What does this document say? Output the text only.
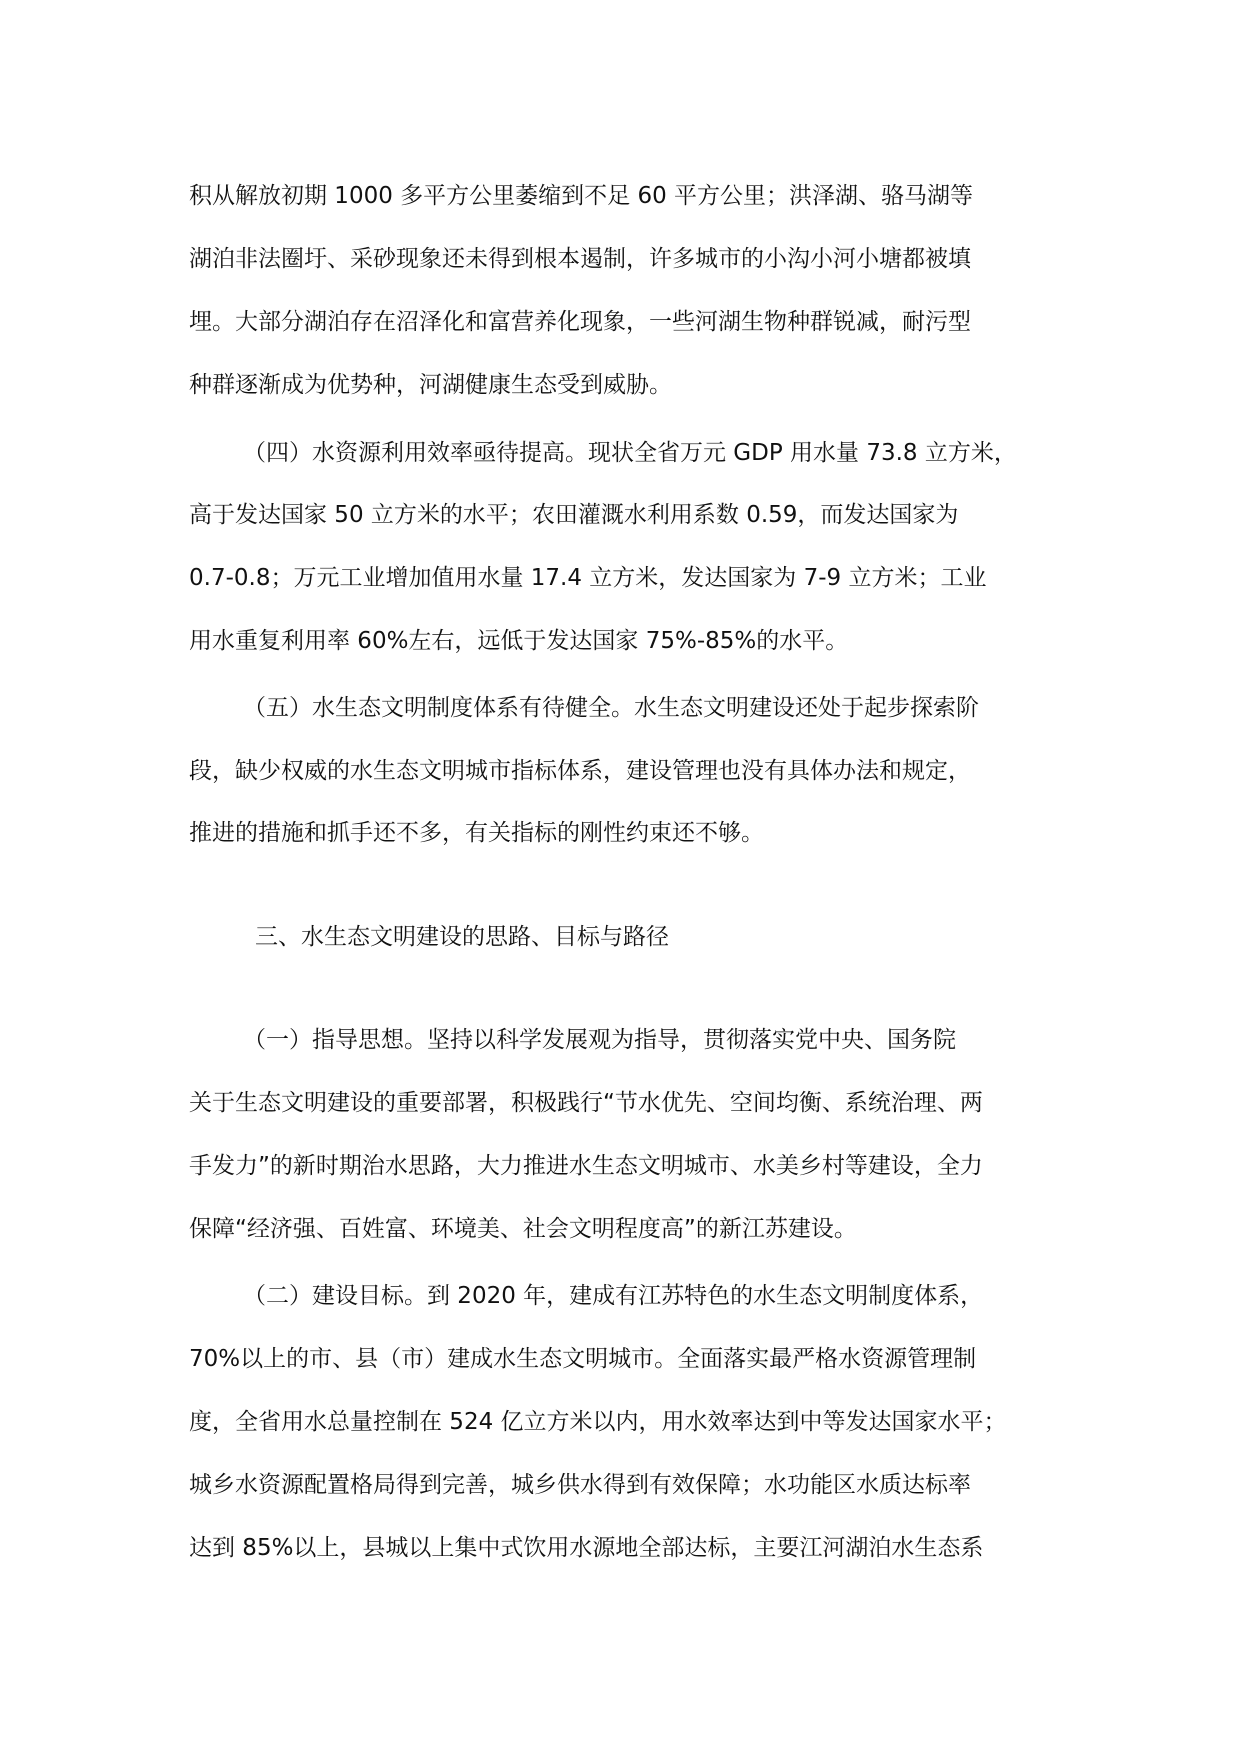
积从解放初期 1000 多平方公里萎缩到不足 60 平方公里；洪泽湖、骆马湖等
湖泊非法圈圩、采砂现象还未得到根本遏制，许多城市的小沟小河小塘都被填
埋。大部分湖泊存在沼泽化和富营养化现象，一些河湖生物种群锐减，耐污型
种群逐渐成为优势种，河湖健康生态受到威胁。
（四）水资源利用效率亟待提高。现状全省万元 GDP 用水量 73.8 立方米，
高于发达国家 50 立方米的水平；农田灌溉水利用系数 0.59，而发达国家为
0.7-0.8；万元工业增加值用水量 17.4 立方米，发达国家为 7-9 立方米；工业
用水重复利用率 60%左右，远低于发达国家 75%-85%的水平。
（五）水生态文明制度体系有待健全。水生态文明建设还处于起步探索阶
段，缺少权威的水生态文明城市指标体系，建设管理也没有具体办法和规定，
推进的措施和抓手还不多，有关指标的刚性约束还不够。
三、水生态文明建设的思路、目标与路径
（一）指导思想。坚持以科学发展观为指导，贯彻落实党中央、国务院
关于生态文明建设的重要部署，积极践行“节水优先、空间均衡、系统治理、两
手发力”的新时期治水思路，大力推进水生态文明城市、水美乡村等建设，全力
保障“经济强、百姓富、环境美、社会文明程度高”的新江苏建设。
（二）建设目标。到 2020 年，建成有江苏特色的水生态文明制度体系，
70%以上的市、县（市）建成水生态文明城市。全面落实最严格水资源管理制
度，全省用水总量控制在 524 亿立方米以内，用水效率达到中等发达国家水平；
城乡水资源配置格局得到完善，城乡供水得到有效保障；水功能区水质达标率
达到 85%以上，县城以上集中式饮用水源地全部达标，主要江河湖泊水生态系
